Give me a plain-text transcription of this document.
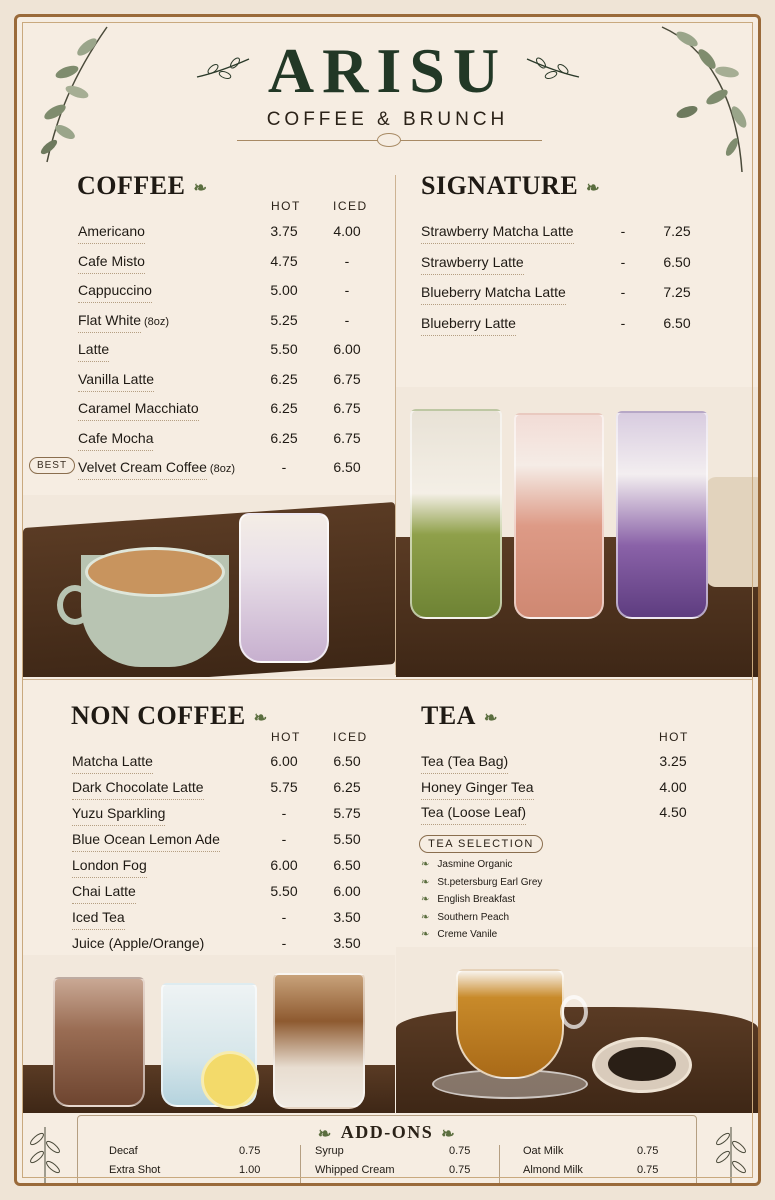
ARISU
COFFEE & BRUNCH
COFFEE ❧
HOT	ICED
Americano	3.75	4.00
Cafe Misto	4.75	-
Cappuccino	5.00	-
Flat White (8oz)	5.25	-
Latte	5.50	6.00
Vanilla Latte	6.25	6.75
Caramel Macchiato	6.25	6.75
Cafe Mocha	6.25	6.75
Velvet Cream Coffee (8oz)	-	6.50
BEST
SIGNATURE ❧
Strawberry Matcha Latte	-	7.25
Strawberry Latte	-	6.50
Blueberry Matcha Latte	-	7.25
Blueberry Latte	-	6.50
NON COFFEE ❧
HOT	ICED
Matcha Latte	6.00	6.50
Dark Chocolate Latte	5.75	6.25
Yuzu Sparkling	-	5.75
Blue Ocean Lemon Ade	-	5.50
London Fog	6.00	6.50
Chai Latte	5.50	6.00
Iced Tea	-	3.50
Juice (Apple/Orange)	-	3.50
TEA ❧
HOT
Tea (Tea Bag)	3.25
Honey Ginger Tea	4.00
Tea (Loose Leaf)	4.50
TEA SELECTION
❧ Jasmine Organic
❧ St.petersburg Earl Grey
❧ English Breakfast
❧ Southern Peach
❧ Creme Vanile
❧ ADD-ONS ❧
Decaf	0.75
Extra Shot	1.00
Syrup	0.75
Whipped Cream	0.75
Oat Milk	0.75
Almond Milk	0.75
